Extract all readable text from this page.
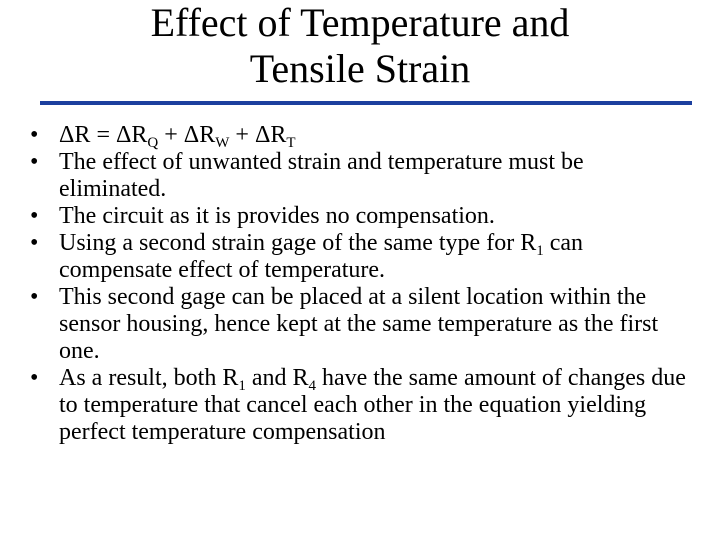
Effect of Temperature and
Tensile Strain
• $\Delta R = \Delta R_Q + \Delta R_W + \Delta R_T$
• The effect of unwanted strain and temperature must be eliminated.
• The circuit as it is provides no compensation.
• Using a second strain gage of the same type for $R_1$ can compensate effect of temperature.
• This second gage can be placed at a silent location within the sensor housing, hence kept at the same temperature as the first one.
• As a result, both $R_1$ and $R_4$ have the same amount of changes due to temperature that cancel each other in the equation yielding perfect temperature compensation
